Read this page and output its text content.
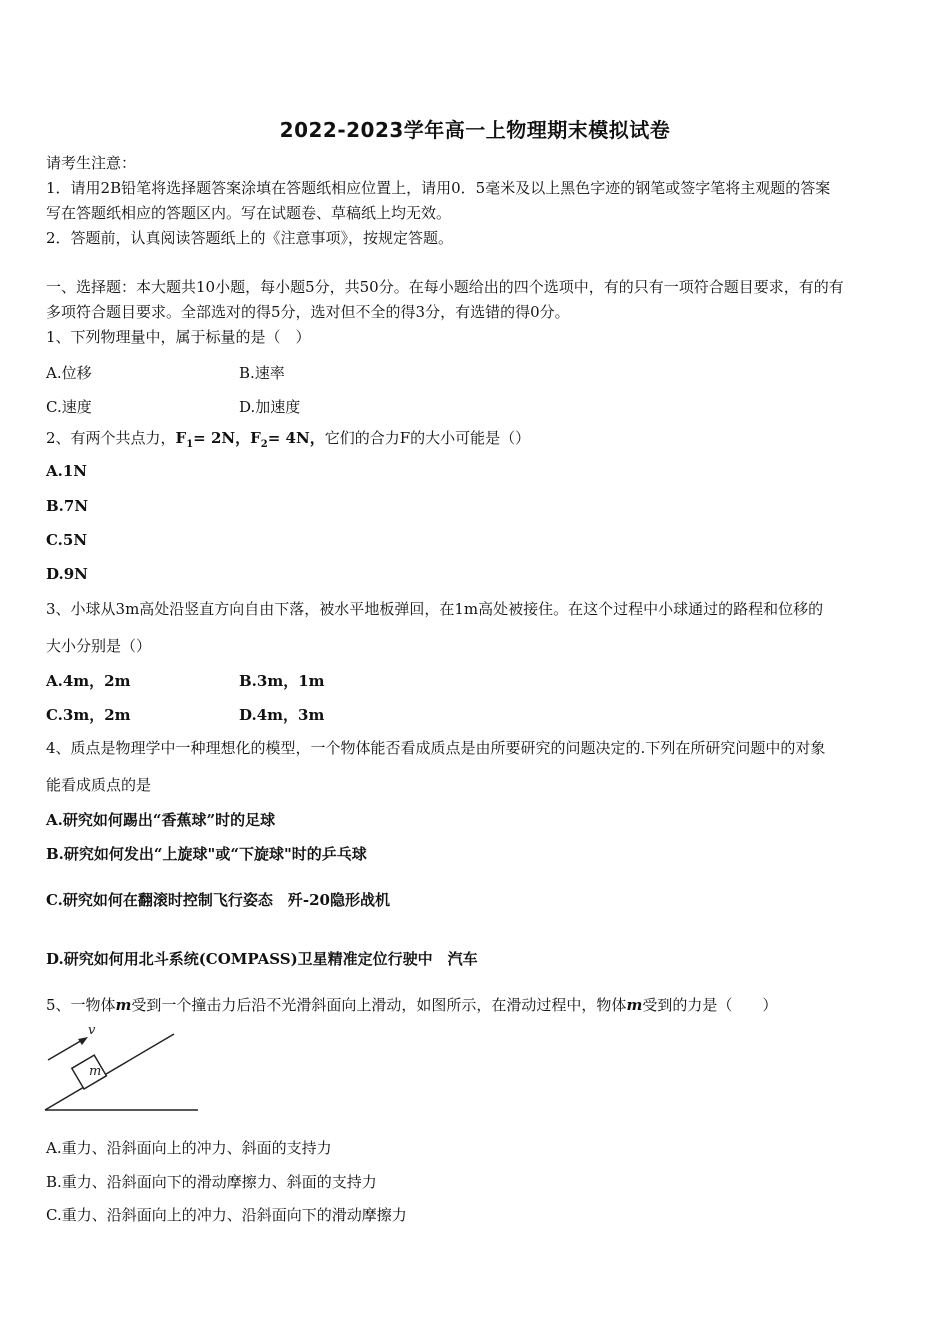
2022-2023学年高一上物理期末模拟试卷
请考生注意：
1．请用2B铅笔将选择题答案涂填在答题纸相应位置上，请用0．5毫米及以上黑色字迹的钢笔或签字笔将主观题的答案
写在答题纸相应的答题区内。写在试题卷、草稿纸上均无效。
2．答题前，认真阅读答题纸上的《注意事项》，按规定答题。
一、选择题：本大题共10小题，每小题5分，共50分。在每小题给出的四个选项中，有的只有一项符合题目要求，有的有
多项符合题目要求。全部选对的得5分，选对但不全的得3分，有选错的得0分。
1、下列物理量中，属于标量的是（　）
A.位移	B.速率
C.速度	D.加速度
2、有两个共点力，$F_1= 2N$，$F_2= 4N$，它们的合力F的大小可能是（）
A.1N
B.7N
C.5N
D.9N
3、小球从3m高处沿竖直方向自由下落，被水平地板弹回，在1m高处被接住。在这个过程中小球通过的路程和位移的
大小分别是（）
A.4m，2m	B.3m，1m
C.3m，2m	D.4m，3m
4、质点是物理学中一种理想化的模型，一个物体能否看成质点是由所要研究的问题决定的.下列在所研究问题中的对象
能看成质点的是
A.研究如何踢出“香蕉球”时的足球
B.研究如何发出“上旋球"或“下旋球"时的乒乓球
C.研究如何在翻滚时控制飞行姿态　歼-20隐形战机
D.研究如何用北斗系统(COMPASS)卫星精准定位行驶中　汽车
5、一物体m受到一个撞击力后沿不光滑斜面向上滑动，如图所示，在滑动过程中，物体m受到的力是（　　）
v
m
A.重力、沿斜面向上的冲力、斜面的支持力
B.重力、沿斜面向下的滑动摩擦力、斜面的支持力
C.重力、沿斜面向上的冲力、沿斜面向下的滑动摩擦力
